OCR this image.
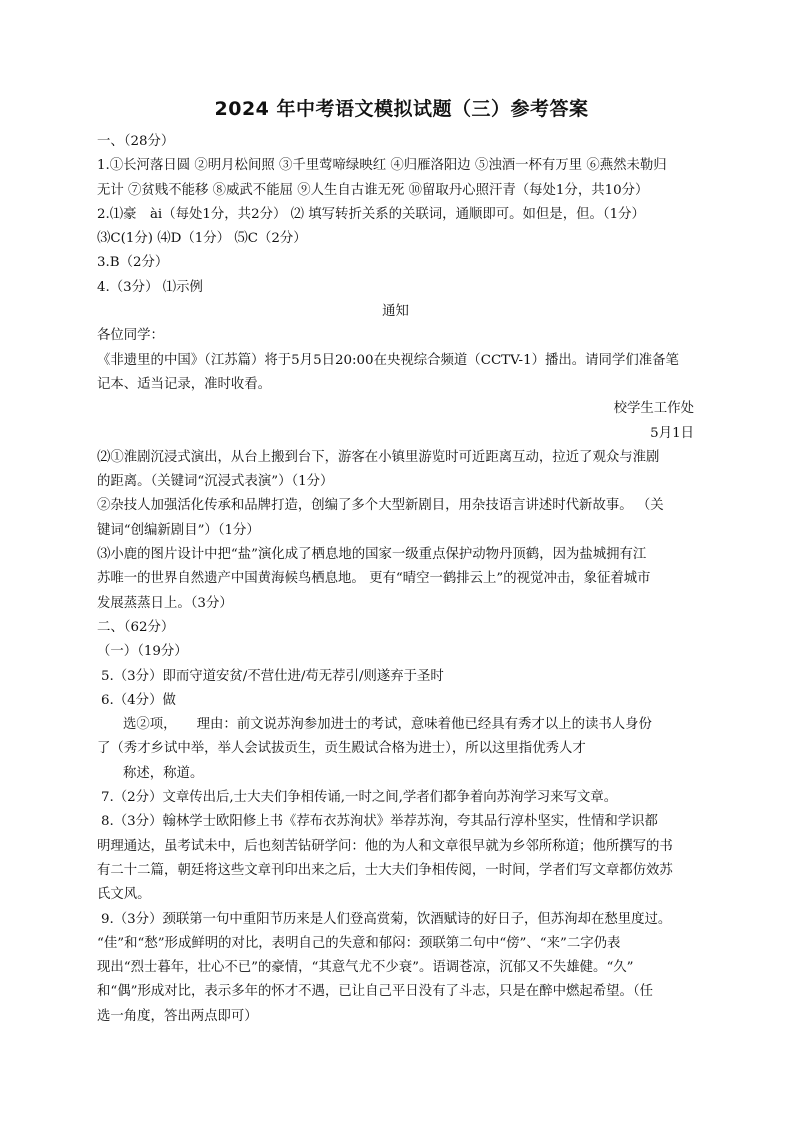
2024 年中考语文模拟试题（三）参考答案
一、（28分）
1.①长河落日圆 ②明月松间照 ③千里莺啼绿映红 ④归雁洛阳边 ⑤浊酒一杯有万里 ⑥燕然未勒归
无计 ⑦贫贱不能移 ⑧威武不能屈 ⑨人生自古谁无死 ⑩留取丹心照汗青（每处1分，共10分）
2.⑴豪　ài（每处1分，共2分） ⑵ 填写转折关系的关联词，通顺即可。如但是，但。（1分）
⑶C(1分) ⑷D（1分） ⑸C（2分）
3.B（2分）
4.（3分） ⑴示例
通知
各位同学：
《非遗里的中国》（江苏篇）将于5月5日20:00在央视综合频道（CCTV-1）播出。请同学们准备笔
记本、适当记录，准时收看。
校学生工作处
5月1日
⑵①淮剧沉浸式演出，从台上搬到台下，游客在小镇里游览时可近距离互动，拉近了观众与淮剧
的距离。（关键词“沉浸式表演”）（1分）
②杂技人加强活化传承和品牌打造，创编了多个大型新剧目，用杂技语言讲述时代新故事。 （关
键词“创编新剧目”）（1分）
⑶小鹿的图片设计中把“盐”演化成了栖息地的国家一级重点保护动物丹顶鹤，因为盐城拥有江
苏唯一的世界自然遗产中国黄海候鸟栖息地。 更有“晴空一鹤排云上”的视觉冲击，象征着城市
发展蒸蒸日上。（3分）
二、（62分）
（一）（19分）
5.（3分）即而守道安贫/不营仕进/苟无荐引/则遂弃于圣时
6.（4分）做
选②项，　　理由：前文说苏洵参加进士的考试，意味着他已经具有秀才以上的读书人身份
了（秀才乡试中举，举人会试拔贡生，贡生殿试合格为进士），所以这里指优秀人才
称述，称道。
7.（2分）文章传出后,士大夫们争相传诵,一时之间,学者们都争着向苏洵学习来写文章。
8.（3分）翰林学士欧阳修上书《荐布衣苏洵状》举荐苏洵，夸其品行淳朴坚实，性情和学识都
明理通达，虽考试未中，后也刻苦钻研学问：他的为人和文章很早就为乡邻所称道；他所撰写的书
有二十二篇，朝廷将这些文章刊印出来之后，士大夫们争相传阅，一时间，学者们写文章都仿效苏
氏文风。
9.（3分）颈联第一句中重阳节历来是人们登高赏菊，饮酒赋诗的好日子，但苏洵却在愁里度过。
“佳”和“愁”形成鲜明的对比，表明自己的失意和郁闷：颈联第二句中“傍”、“来”二字仍表
现出“烈士暮年，壮心不已”的豪情，“其意气尤不少衰”。语调苍凉，沉郁又不失雄健。“久”
和“偶”形成对比，表示多年的怀才不遇，已让自己平日没有了斗志，只是在醉中燃起希望。（任
选一角度，答出两点即可）
